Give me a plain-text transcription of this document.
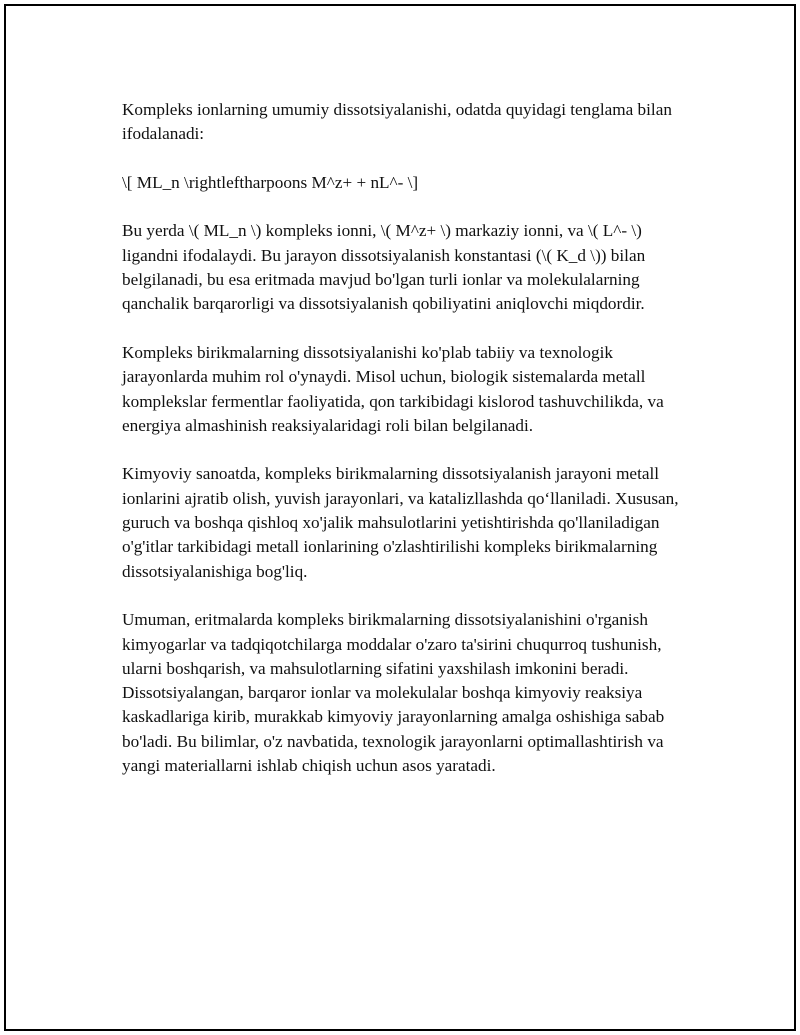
Kompleks ionlarning umumiy dissotsiyalanishi, odatda quyidagi tenglama bilan ifodalanadi:

\[ ML_n \rightleftharpoons M^z+ + nL^- \]

Bu yerda \( ML_n \) kompleks ionni, \( M^z+ \) markaziy ionni, va \( L^- \) ligandni ifodalaydi. Bu jarayon dissotsiyalanish konstantasi (\( K_d \)) bilan belgilanadi, bu esa eritmada mavjud bo'lgan turli ionlar va molekulalarning qanchalik barqarorligi va dissotsiyalanish qobiliyatini aniqlovchi miqdordir.

Kompleks birikmalarning dissotsiyalanishi ko'plab tabiiy va texnologik jarayonlarda muhim rol o'ynaydi. Misol uchun, biologik sistemalarda metall komplekslar fermentlar faoliyatida, qon tarkibidagi kislorod tashuvchilikda, va energiya almashinish reaksiyalaridagi roli bilan belgilanadi.

Kimyoviy sanoatda, kompleks birikmalarning dissotsiyalanish jarayoni metall ionlarini ajratib olish, yuvish jarayonlari, va katalizllashda qo‘llaniladi. Xususan, guruch va boshqa qishloq xo'jalik mahsulotlarini yetishtirishda qo'llaniladigan o'g'itlar tarkibidagi metall ionlarining o'zlashtirilishi kompleks birikmalarning dissotsiyalanishiga bog'liq.

Umuman, eritmalarda kompleks birikmalarning dissotsiyalanishini o'rganish kimyogarlar va tadqiqotchilarga moddalar o'zaro ta'sirini chuqurroq tushunish, ularni boshqarish, va mahsulotlarning sifatini yaxshilash imkonini beradi. Dissotsiyalangan, barqaror ionlar va molekulalar boshqa kimyoviy reaksiya kaskadlariga kirib, murakkab kimyoviy jarayonlarning amalga oshishiga sabab bo'ladi. Bu bilimlar, o'z navbatida, texnologik jarayonlarni optimallashtirish va yangi materiallarni ishlab chiqish uchun asos yaratadi.
